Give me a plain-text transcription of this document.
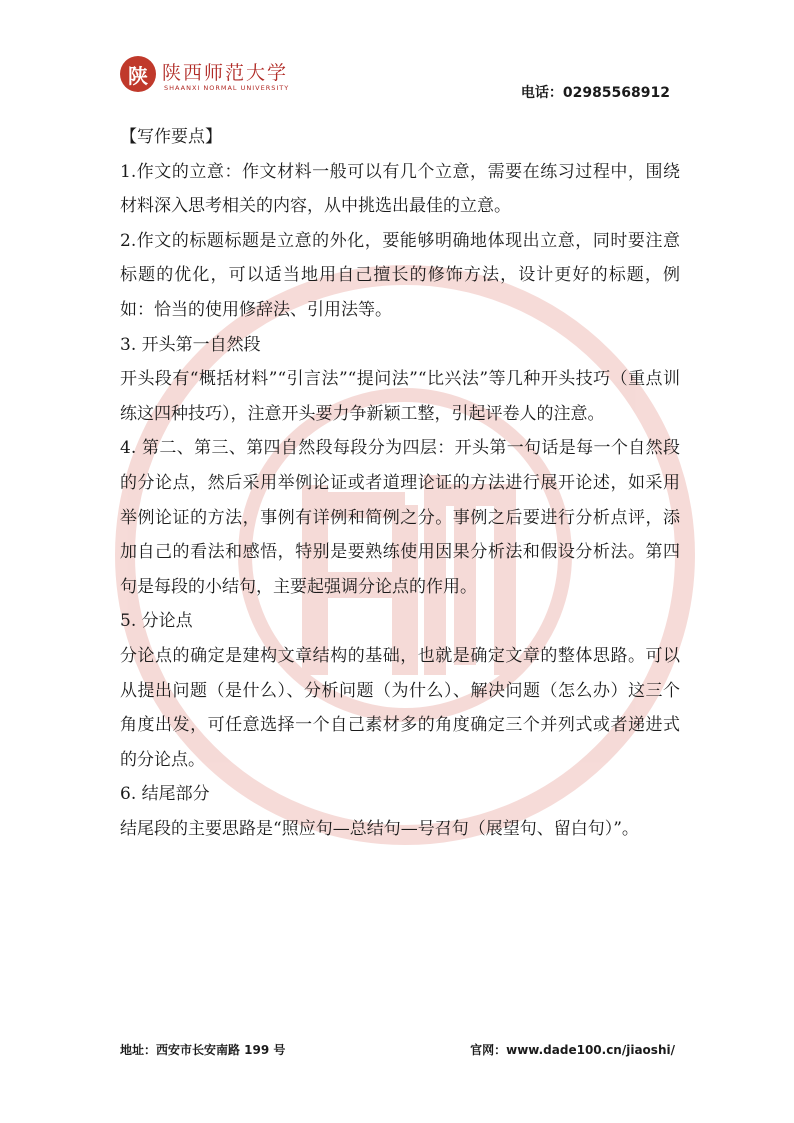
陕 陕西师范大学
SHAANXI NORMAL UNIVERSITY	电话：02985568912

【写作要点】

1.作文的立意：作文材料一般可以有几个立意，需要在练习过程中，围绕材料深入思考相关的内容，从中挑选出最佳的立意。

2.作文的标题标题是立意的外化，要能够明确地体现出立意，同时要注意标题的优化，可以适当地用自己擅长的修饰方法，设计更好的标题，例如：恰当的使用修辞法、引用法等。

3. 开头第一自然段

开头段有“概括材料”“引言法”“提问法”“比兴法”等几种开头技巧（重点训练这四种技巧），注意开头要力争新颖工整，引起评卷人的注意。

4. 第二、第三、第四自然段每段分为四层：开头第一句话是每一个自然段的分论点，然后采用举例论证或者道理论证的方法进行展开论述，如采用举例论证的方法，事例有详例和简例之分。事例之后要进行分析点评，添加自己的看法和感悟，特别是要熟练使用因果分析法和假设分析法。第四句是每段的小结句，主要起强调分论点的作用。

5. 分论点

分论点的确定是建构文章结构的基础，也就是确定文章的整体思路。可以从提出问题（是什么）、分析问题（为什么）、解决问题（怎么办）这三个角度出发，可任意选择一个自己素材多的角度确定三个并列式或者递进式的分论点。

6. 结尾部分

结尾段的主要思路是“照应句—总结句—号召句（展望句、留白句）”。

地址：西安市长安南路 199 号	官网：www.dade100.cn/jiaoshi/
